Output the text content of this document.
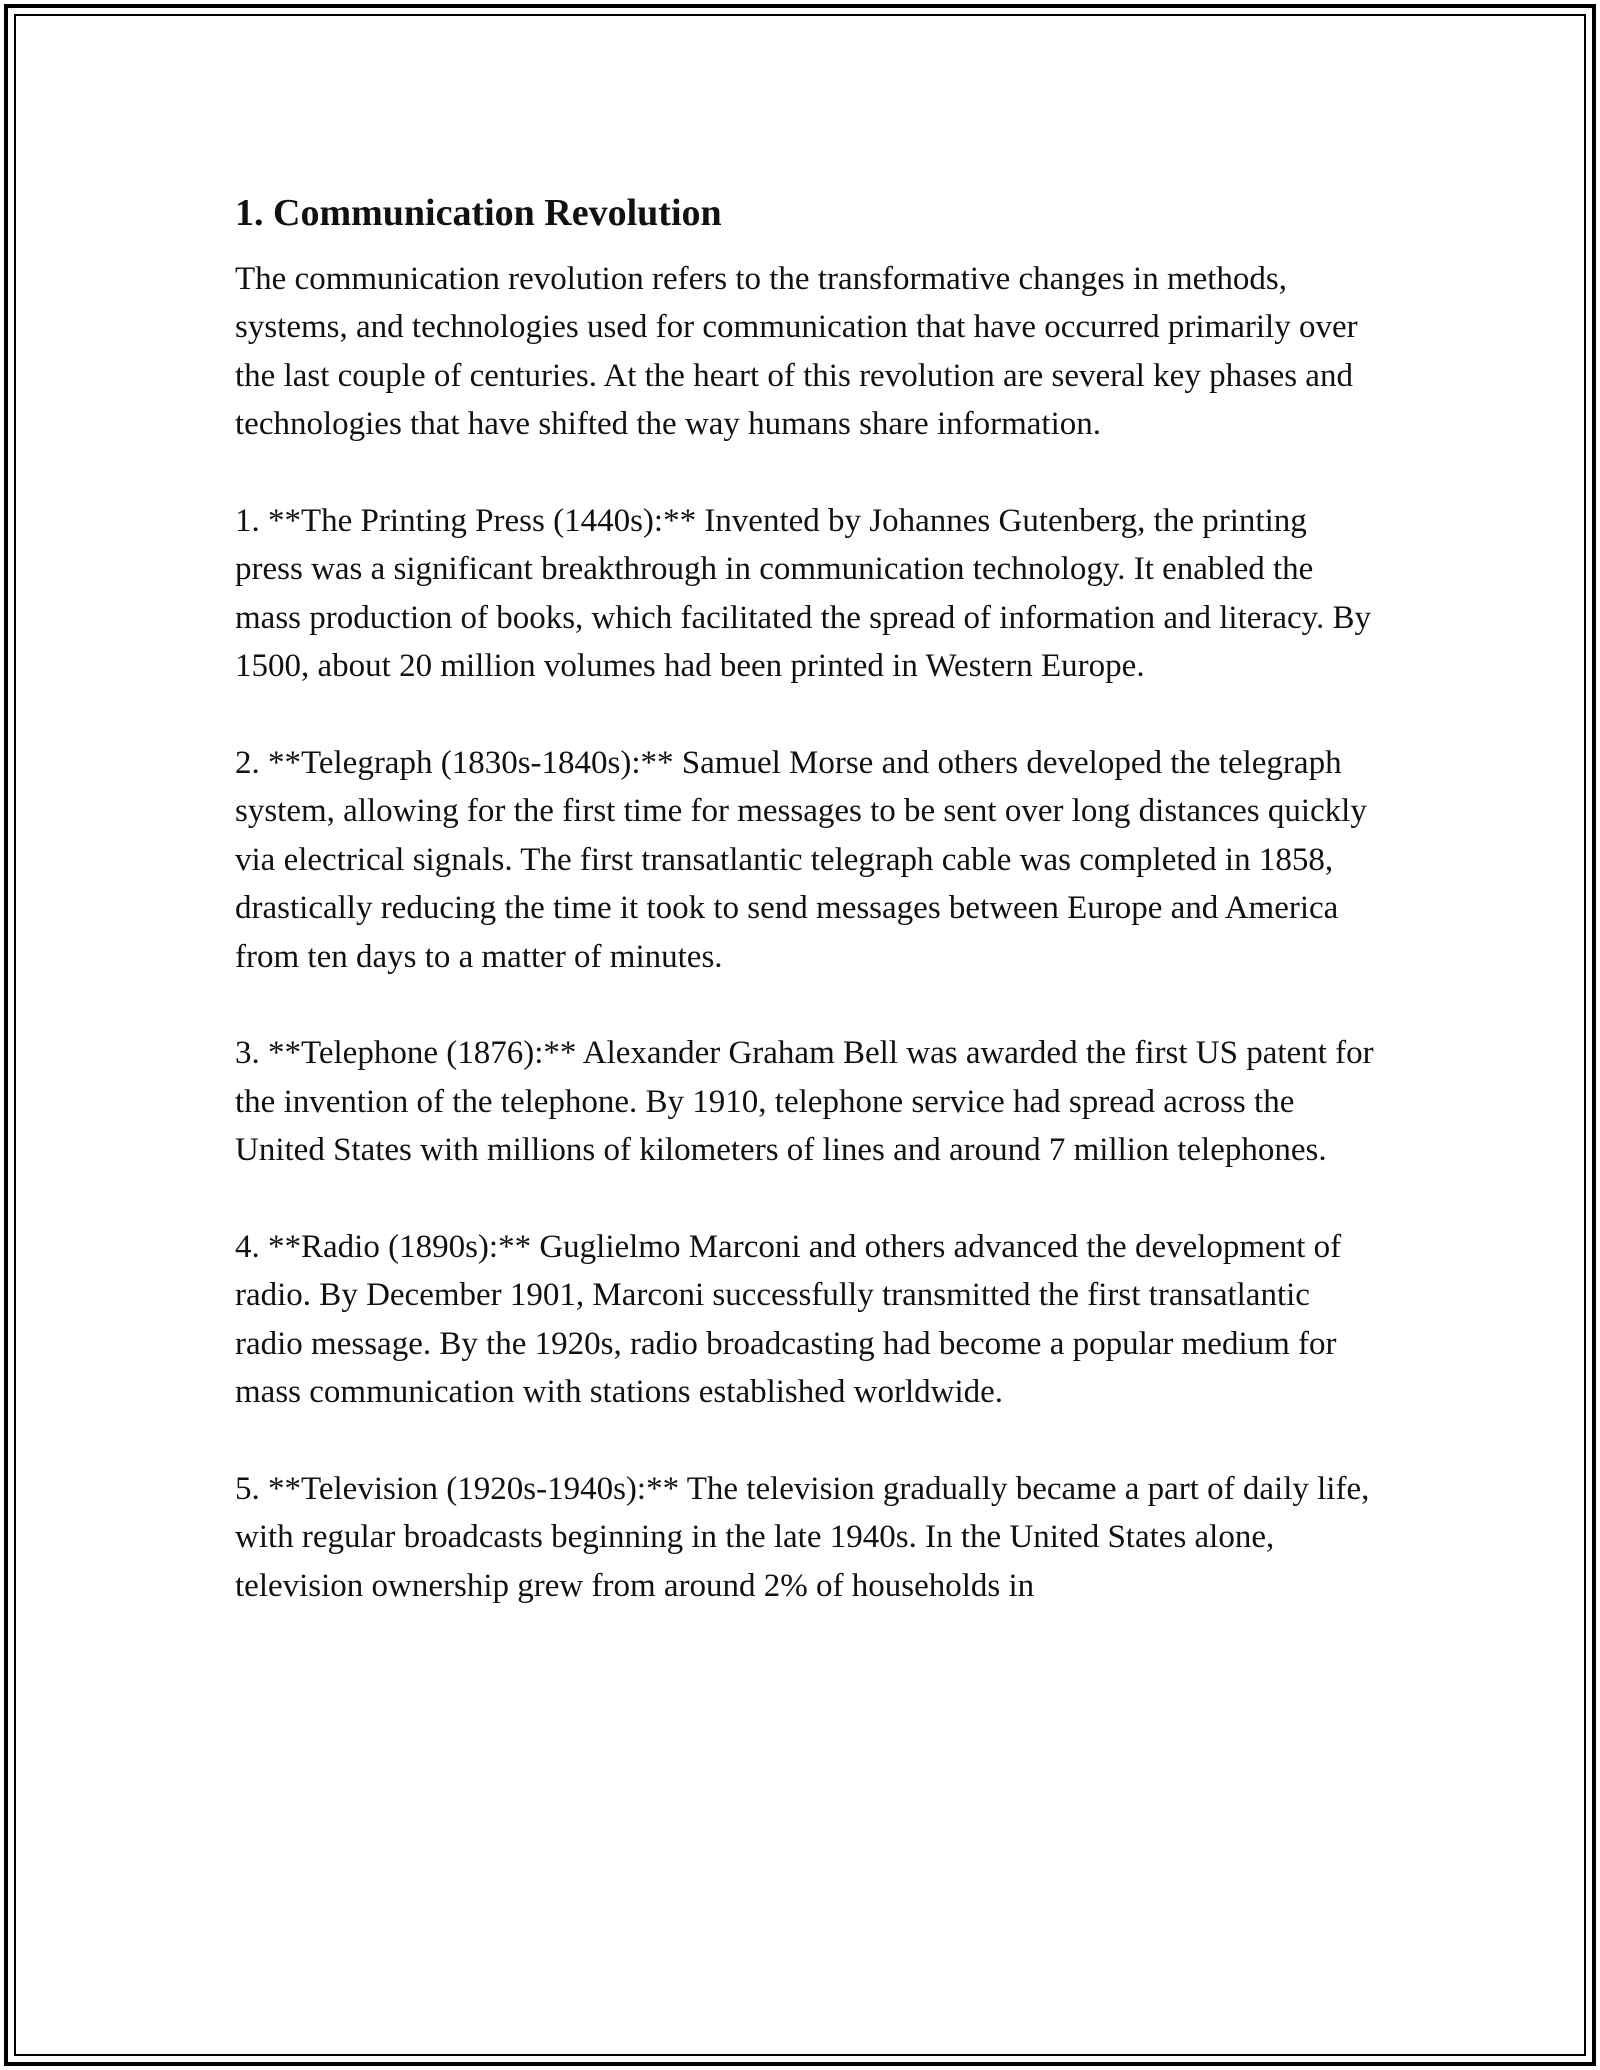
1. Communication Revolution

The communication revolution refers to the transformative changes in methods, systems, and technologies used for communication that have occurred primarily over the last couple of centuries. At the heart of this revolution are several key phases and technologies that have shifted the way humans share information.

1. **The Printing Press (1440s):** Invented by Johannes Gutenberg, the printing press was a significant breakthrough in communication technology. It enabled the mass production of books, which facilitated the spread of information and literacy. By 1500, about 20 million volumes had been printed in Western Europe.

2. **Telegraph (1830s-1840s):** Samuel Morse and others developed the telegraph system, allowing for the first time for messages to be sent over long distances quickly via electrical signals. The first transatlantic telegraph cable was completed in 1858, drastically reducing the time it took to send messages between Europe and America from ten days to a matter of minutes.

3. **Telephone (1876):** Alexander Graham Bell was awarded the first US patent for the invention of the telephone. By 1910, telephone service had spread across the United States with millions of kilometers of lines and around 7 million telephones.

4. **Radio (1890s):** Guglielmo Marconi and others advanced the development of radio. By December 1901, Marconi successfully transmitted the first transatlantic radio message. By the 1920s, radio broadcasting had become a popular medium for mass communication with stations established worldwide.

5. **Television (1920s-1940s):** The television gradually became a part of daily life, with regular broadcasts beginning in the late 1940s. In the United States alone, television ownership grew from around 2% of households in
